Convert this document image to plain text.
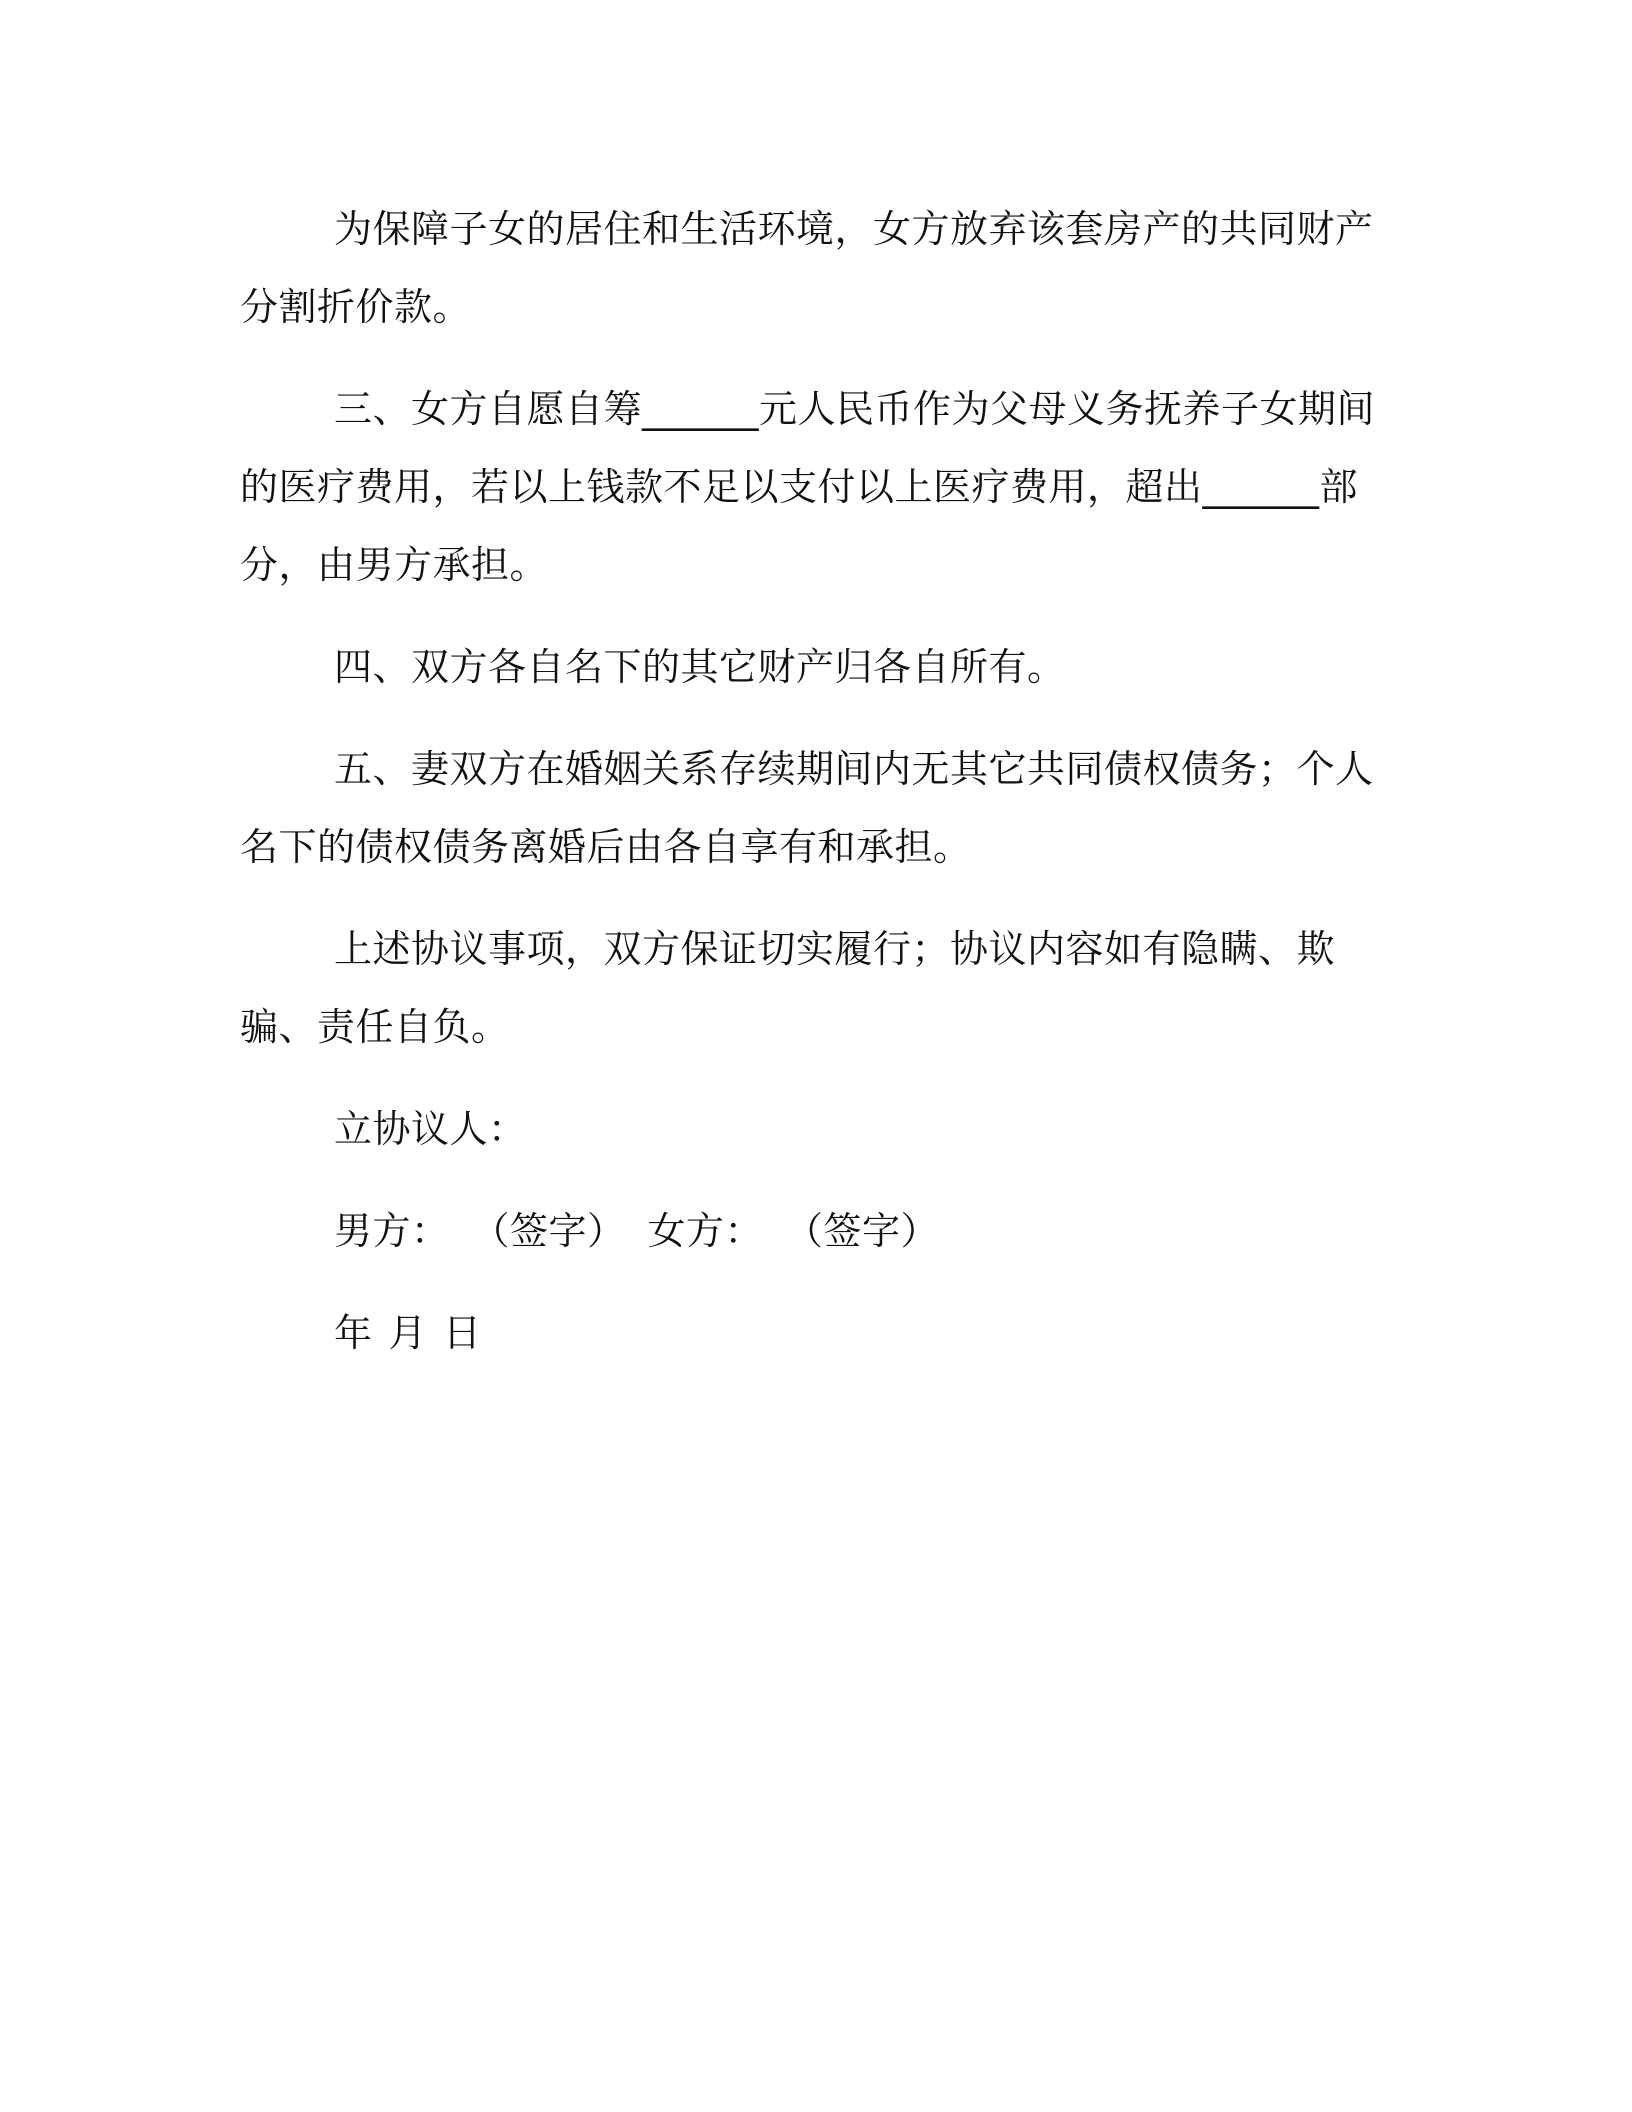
为保障子女的居住和生活环境，女方放弃该套房产的共同财产分割折价款。

三、女方自愿自筹______元人民币作为父母义务抚养子女期间的医疗费用，若以上钱款不足以支付以上医疗费用，超出______部分，由男方承担。

四、双方各自名下的其它财产归各自所有。

五、妻双方在婚姻关系存续期间内无其它共同债权债务；个人名下的债权债务离婚后由各自享有和承担。

上述协议事项，双方保证切实履行；协议内容如有隐瞒、欺骗、责任自负。

立协议人：

男方： （签字） 女方： （签字）
年 月 日
